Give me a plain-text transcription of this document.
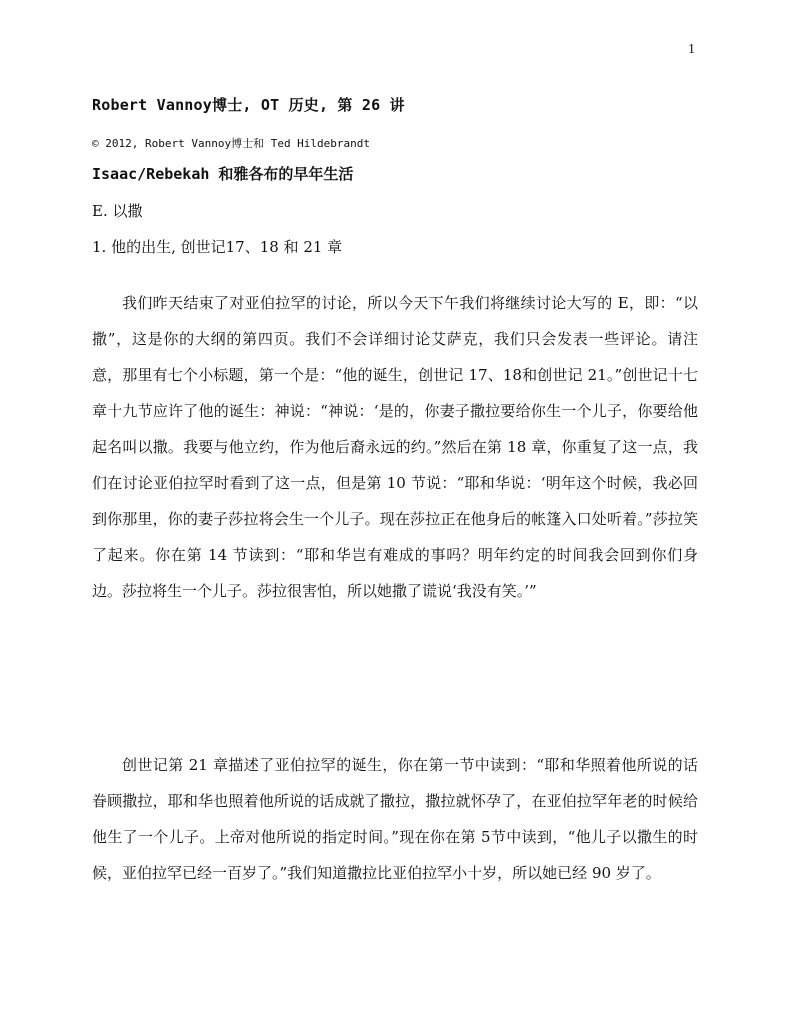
1
Robert Vannoy博士, OT 历史, 第 26 讲
© 2012, Robert Vannoy博士和 Ted Hildebrandt
Isaac/Rebekah 和雅各布的早年生活
E. 以撒
1. 他的出生, 创世记17、18 和 21 章

我们昨天结束了对亚伯拉罕的讨论，所以今天下午我们将继续讨论大写的 E，即：“以撒”，这是你的大纲的第四页。我们不会详细讨论艾萨克，我们只会发表一些评论。请注意，那里有七个小标题，第一个是：“他的诞生，创世记 17、18和创世记 21。”创世记十七章十九节应许了他的诞生：神说：“神说：‘是的，你妻子撒拉要给你生一个儿子，你要给他起名叫以撒。我要与他立约，作为他后裔永远的约。”然后在第 18 章，你重复了这一点，我们在讨论亚伯拉罕时看到了这一点，但是第 10 节说：“耶和华说：‘明年这个时候，我必回到你那里，你的妻子莎拉将会生一个儿子。现在莎拉正在他身后的帐篷入口处听着。”莎拉笑了起来。你在第 14 节读到：“耶和华岂有难成的事吗？明年约定的时间我会回到你们身边。莎拉将生一个儿子。莎拉很害怕，所以她撒了谎说‘我没有笑。’”

创世记第 21 章描述了亚伯拉罕的诞生，你在第一节中读到：“耶和华照着他所说的话眷顾撒拉，耶和华也照着他所说的话成就了撒拉，撒拉就怀孕了，在亚伯拉罕年老的时候给他生了一个儿子。上帝对他所说的指定时间。”现在你在第 5节中读到，“他儿子以撒生的时候，亚伯拉罕已经一百岁了。”我们知道撒拉比亚伯拉罕小十岁，所以她已经 90 岁了。
